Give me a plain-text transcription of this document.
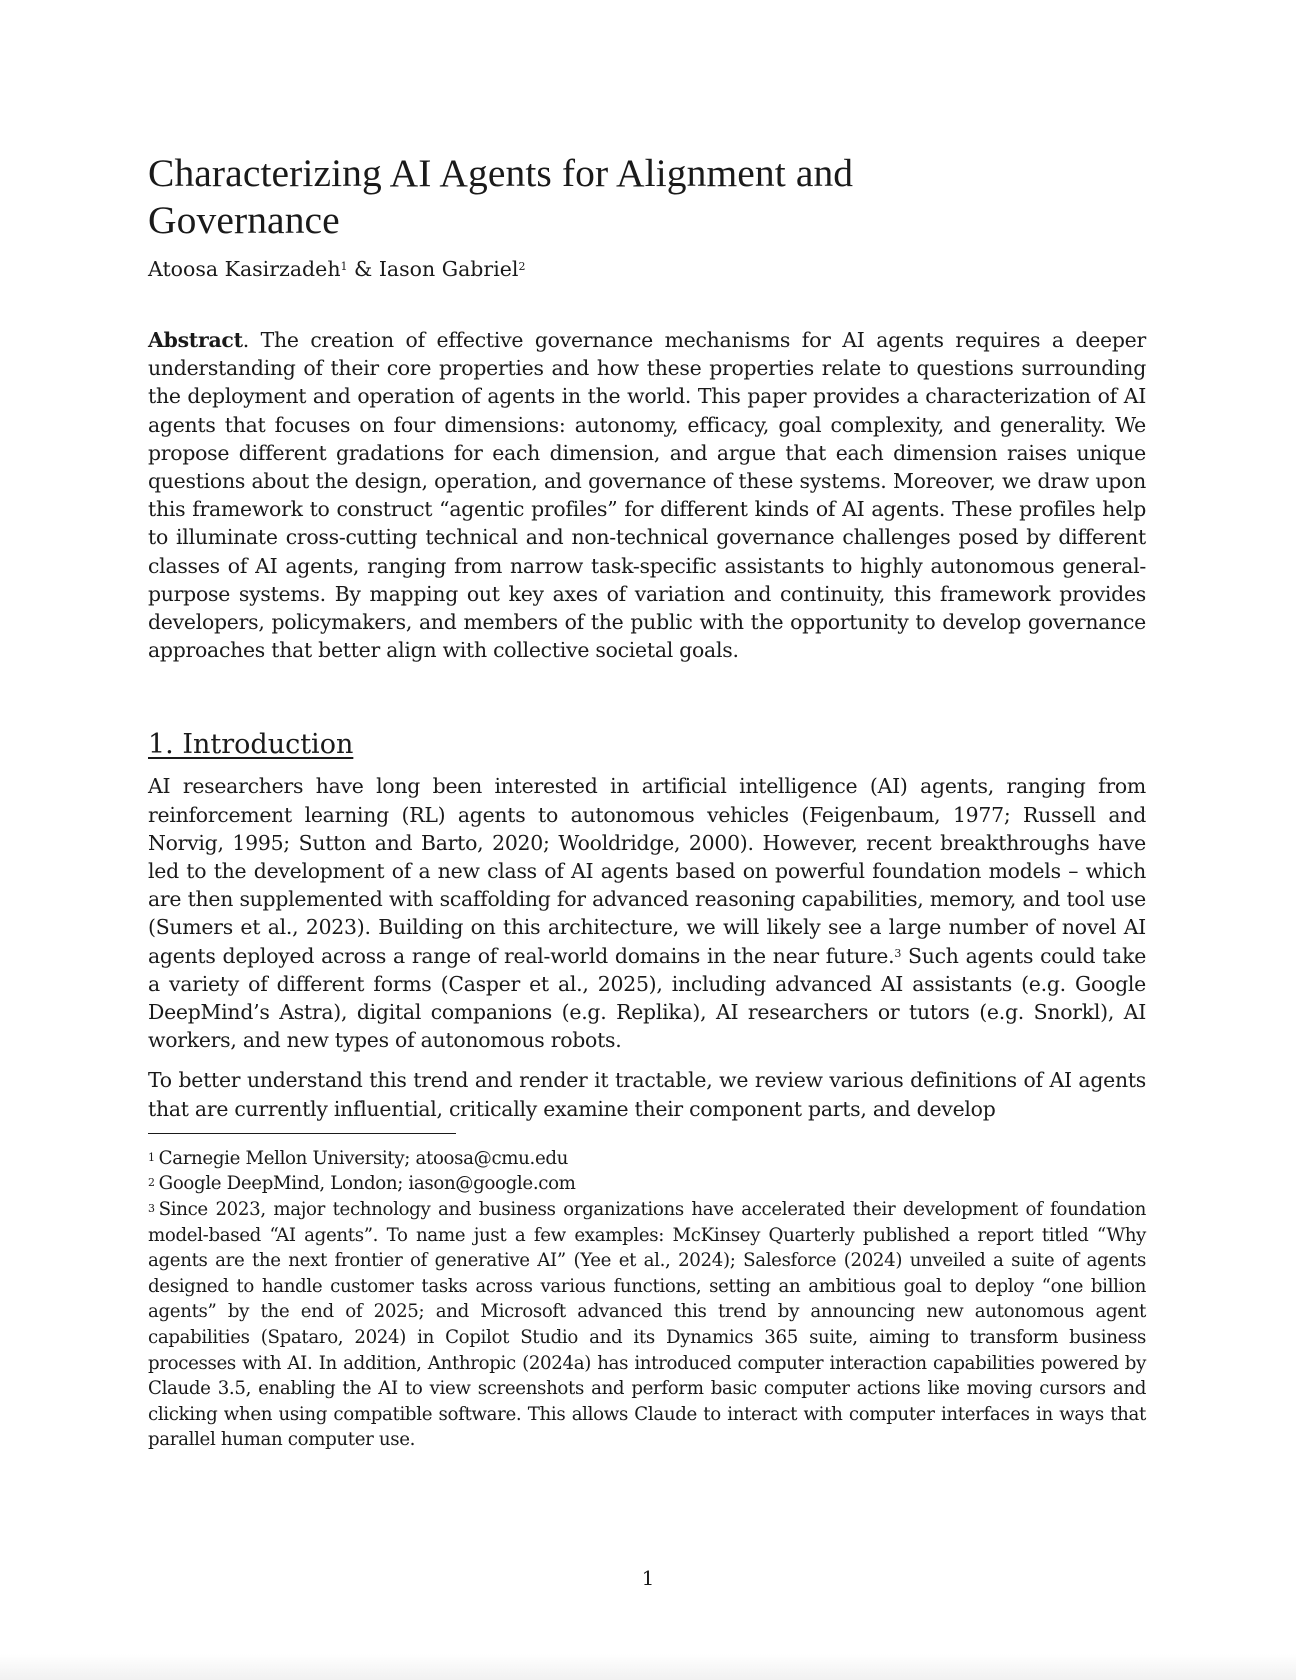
Characterizing AI Agents for Alignment and
Governance
Atoosa Kasirzadeh$^1$ & Iason Gabriel$^2$

Abstract. The creation of effective governance mechanisms for AI agents requires a deeper understanding of their core properties and how these properties relate to questions surrounding the deployment and operation of agents in the world. This paper provides a characterization of AI agents that focuses on four dimensions: autonomy, efficacy, goal complexity, and generality. We propose different gradations for each dimension, and argue that each dimension raises unique questions about the design, operation, and governance of these systems. Moreover, we draw upon this framework to construct “agentic profiles” for different kinds of AI agents. These profiles help to illuminate cross-cutting technical and non-technical governance challenges posed by different classes of AI agents, ranging from narrow task-specific assistants to highly autonomous general-purpose systems. By mapping out key axes of variation and continuity, this framework provides developers, policymakers, and members of the public with the opportunity to develop governance approaches that better align with collective societal goals.

1. Introduction

AI researchers have long been interested in artificial intelligence (AI) agents, ranging from reinforcement learning (RL) agents to autonomous vehicles (Feigenbaum, 1977; Russell and Norvig, 1995; Sutton and Barto, 2020; Wooldridge, 2000). However, recent breakthroughs have led to the development of a new class of AI agents based on powerful foundation models – which are then supplemented with scaffolding for advanced reasoning capabilities, memory, and tool use (Sumers et al., 2023). Building on this architecture, we will likely see a large number of novel AI agents deployed across a range of real-world domains in the near future.$^3$ Such agents could take a variety of different forms (Casper et al., 2025), including advanced AI assistants (e.g. Google DeepMind’s Astra), digital companions (e.g. Replika), AI researchers or tutors (e.g. Snorkl), AI workers, and new types of autonomous robots.

To better understand this trend and render it tractable, we review various definitions of AI agents that are currently influential, critically examine their component parts, and develop

$^1$ Carnegie Mellon University; atoosa@cmu.edu

$^2$ Google DeepMind, London; iason@google.com

$^3$ Since 2023, major technology and business organizations have accelerated their development of foundation model-based “AI agents”. To name just a few examples: McKinsey Quarterly published a report titled “Why agents are the next frontier of generative AI” (Yee et al., 2024); Salesforce (2024) unveiled a suite of agents designed to handle customer tasks across various functions, setting an ambitious goal to deploy “one billion agents” by the end of 2025; and Microsoft advanced this trend by announcing new autonomous agent capabilities (Spataro, 2024) in Copilot Studio and its Dynamics 365 suite, aiming to transform business processes with AI. In addition, Anthropic (2024a) has introduced computer interaction capabilities powered by Claude 3.5, enabling the AI to view screenshots and perform basic computer actions like moving cursors and clicking when using compatible software. This allows Claude to interact with computer interfaces in ways that parallel human computer use.

1
